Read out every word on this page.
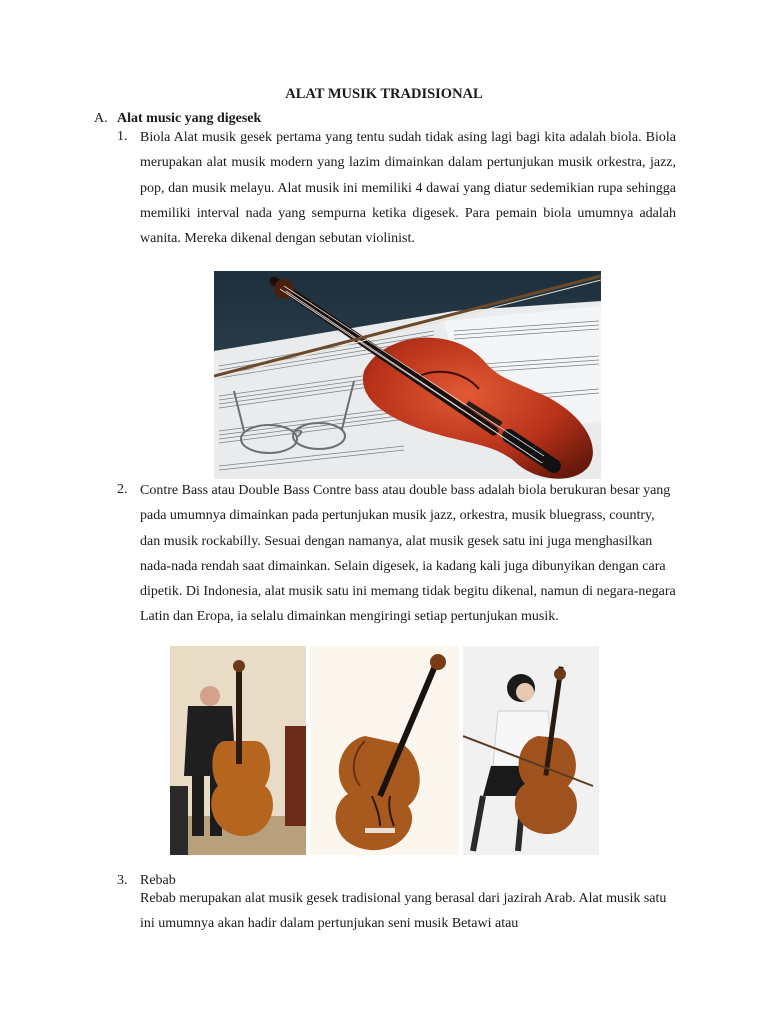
ALAT MUSIK TRADISIONAL
A. Alat music yang digesek
1. Biola Alat musik gesek pertama yang tentu sudah tidak asing lagi bagi kita adalah biola. Biola merupakan alat musik modern yang lazim dimainkan dalam pertunjukan musik orkestra, jazz, pop, dan musik melayu. Alat musik ini memiliki 4 dawai yang diatur sedemikian rupa sehingga memiliki interval nada yang sempurna ketika digesek. Para pemain biola umumnya adalah wanita. Mereka dikenal dengan sebutan violinist.

2. Contre Bass atau Double Bass Contre bass atau double bass adalah biola berukuran besar yang pada umumnya dimainkan pada pertunjukan musik jazz, orkestra, musik bluegrass, country, dan musik rockabilly. Sesuai dengan namanya, alat musik gesek satu ini juga menghasilkan nada-nada rendah saat dimainkan. Selain digesek, ia kadang kali juga dibunyikan dengan cara dipetik. Di Indonesia, alat musik satu ini memang tidak begitu dikenal, namun di negara-negara Latin dan Eropa, ia selalu dimainkan mengiringi setiap pertunjukan musik.

3. Rebab

Rebab merupakan alat musik gesek tradisional yang berasal dari jazirah Arab. Alat musik satu ini umumnya akan hadir dalam pertunjukan seni musik Betawi atau
